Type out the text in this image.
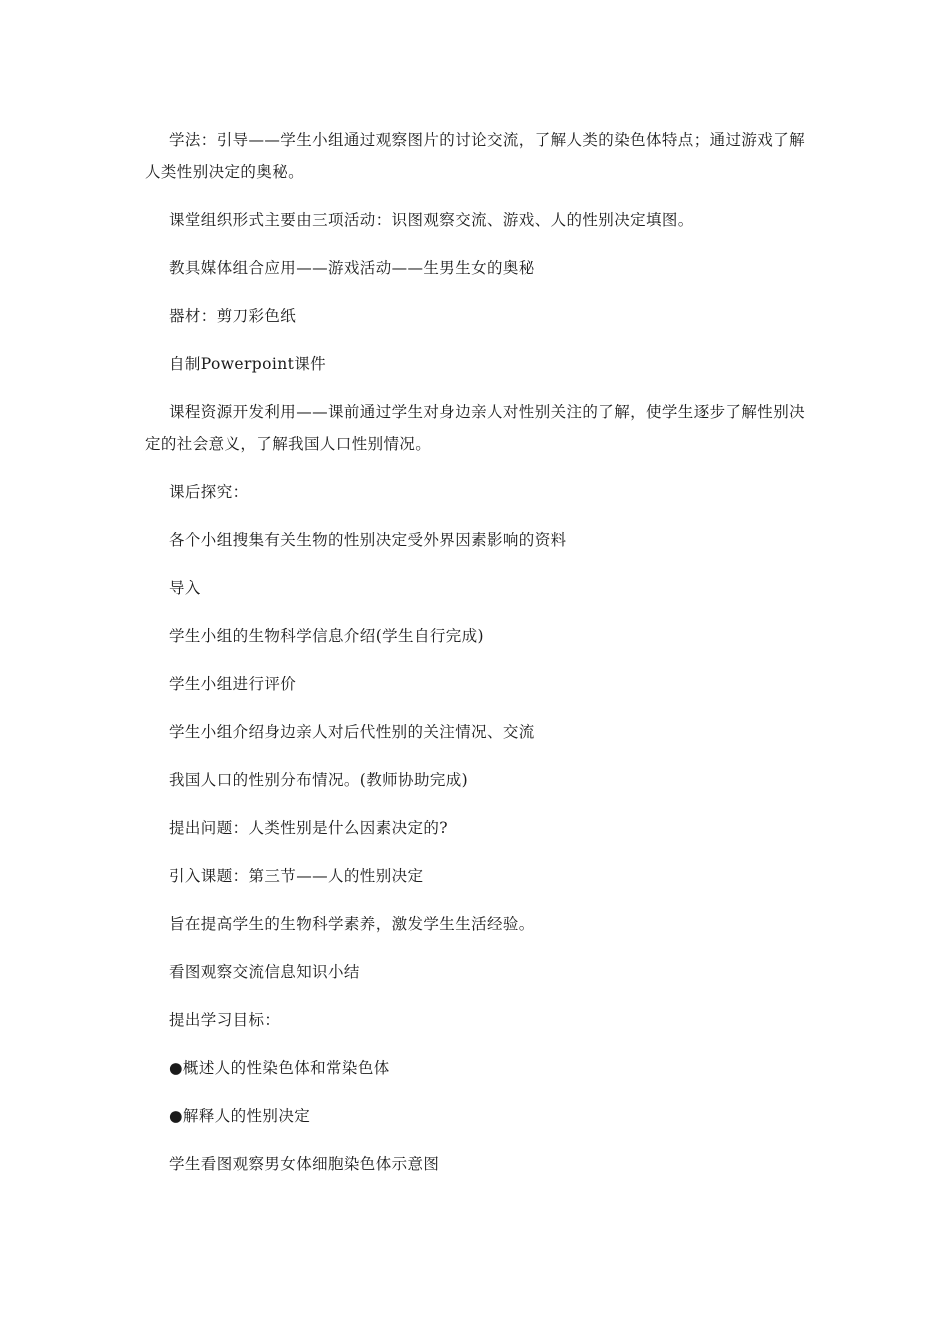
学法：引导——学生小组通过观察图片的讨论交流，了解人类的染色体特点；通过游戏了解人类性别决定的奥秘。

课堂组织形式主要由三项活动：识图观察交流、游戏、人的性别决定填图。

教具媒体组合应用——游戏活动——生男生女的奥秘

器材：剪刀彩色纸

自制Powerpoint课件

课程资源开发利用——课前通过学生对身边亲人对性别关注的了解，使学生逐步了解性别决定的社会意义，了解我国人口性别情况。

课后探究：

各个小组搜集有关生物的性别决定受外界因素影响的资料

导入

学生小组的生物科学信息介绍(学生自行完成)

学生小组进行评价

学生小组介绍身边亲人对后代性别的关注情况、交流

我国人口的性别分布情况。(教师协助完成)

提出问题：人类性别是什么因素决定的?

引入课题：第三节——人的性别决定

旨在提高学生的生物科学素养，激发学生生活经验。

看图观察交流信息知识小结

提出学习目标：

●概述人的性染色体和常染色体

●解释人的性别决定

学生看图观察男女体细胞染色体示意图
